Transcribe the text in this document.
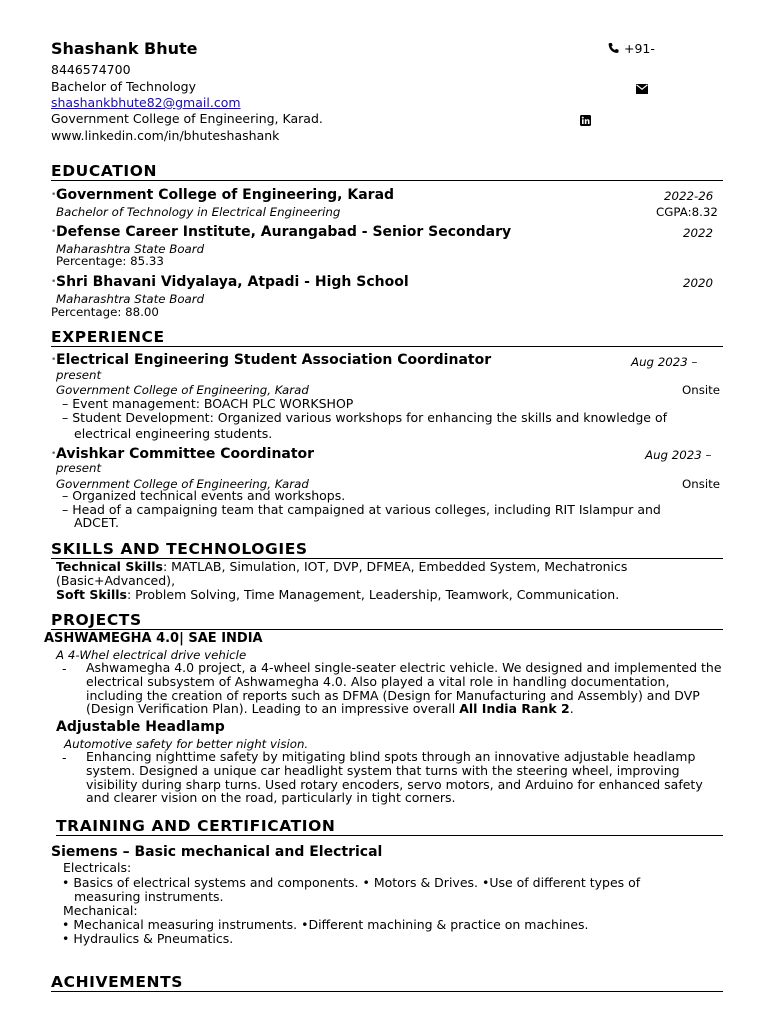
Shashank Bhute	+91-
8446574700
Bachelor of Technology
shashankbhute82@gmail.com
Government College of Engineering, Karad.
www.linkedin.com/in/bhuteshashank
EDUCATION
• Government College of Engineering, Karad	2022-26
Bachelor of Technology in Electrical Engineering	CGPA:8.32
• Defense Career Institute, Aurangabad - Senior Secondary	2022
Maharashtra State Board
Percentage: 85.33
• Shri Bhavani Vidyalaya, Atpadi - High School	2020
Maharashtra State Board
Percentage: 88.00
EXPERIENCE
• Electrical Engineering Student Association Coordinator	Aug 2023 –
present
Government College of Engineering, Karad	Onsite
– Event management: BOACH PLC WORKSHOP
– Student Development: Organized various workshops for enhancing the skills and knowledge of
electrical engineering students.
• Avishkar Committee Coordinator	Aug 2023 –
present
Government College of Engineering, Karad	Onsite
– Organized technical events and workshops.
– Head of a campaigning team that campaigned at various colleges, including RIT Islampur and
ADCET.
SKILLS AND TECHNOLOGIES
Technical Skills: MATLAB, Simulation, IOT, DVP, DFMEA, Embedded System, Mechatronics
(Basic+Advanced),
Soft Skills: Problem Solving, Time Management, Leadership, Teamwork, Communication.
PROJECTS
ASHWAMEGHA 4.0| SAE INDIA
A 4-Whel electrical drive vehicle
- Ashwamegha 4.0 project, a 4-wheel single-seater electric vehicle. We designed and implemented the
electrical subsystem of Ashwamegha 4.0. Also played a vital role in handling documentation,
including the creation of reports such as DFMA (Design for Manufacturing and Assembly) and DVP
(Design Verification Plan). Leading to an impressive overall All India Rank 2.
Adjustable Headlamp
Automotive safety for better night vision.
- Enhancing nighttime safety by mitigating blind spots through an innovative adjustable headlamp
system. Designed a unique car headlight system that turns with the steering wheel, improving
visibility during sharp turns. Used rotary encoders, servo motors, and Arduino for enhanced safety
and clearer vision on the road, particularly in tight corners.
TRAINING AND CERTIFICATION
Siemens – Basic mechanical and Electrical
Electricals:
• Basics of electrical systems and components. • Motors & Drives. •Use of different types of
measuring instruments.
Mechanical:
• Mechanical measuring instruments. •Different machining & practice on machines.
• Hydraulics & Pneumatics.
ACHIVEMENTS
